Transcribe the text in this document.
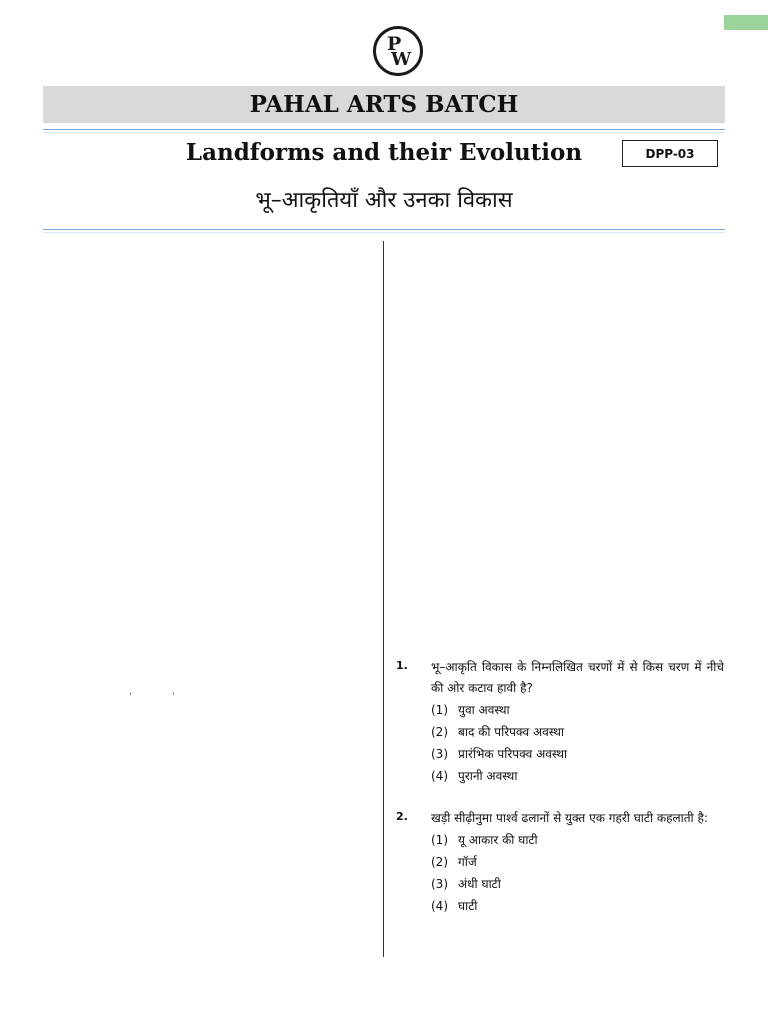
P
W
PAHAL ARTS BATCH
Landforms and their Evolution
भू–आकृतियाँ और उनका विकास
DPP-03
‘	’
1.	भू–आकृति विकास के निम्नलिखित चरणों में से किस चरण में नीचे की ओर कटाव हावी है?
(1) युवा अवस्था
(2) बाद की परिपक्व अवस्था
(3) प्रारंभिक परिपक्व अवस्था
(4) पुरानी अवस्था
2.	खड़ी सीढ़ीनुमा पार्श्व ढलानों से युक्त एक गहरी घाटी कहलाती है:
(1) यू आकार की घाटी
(2) गॉर्ज
(3) अंधी घाटी
(4) घाटी
